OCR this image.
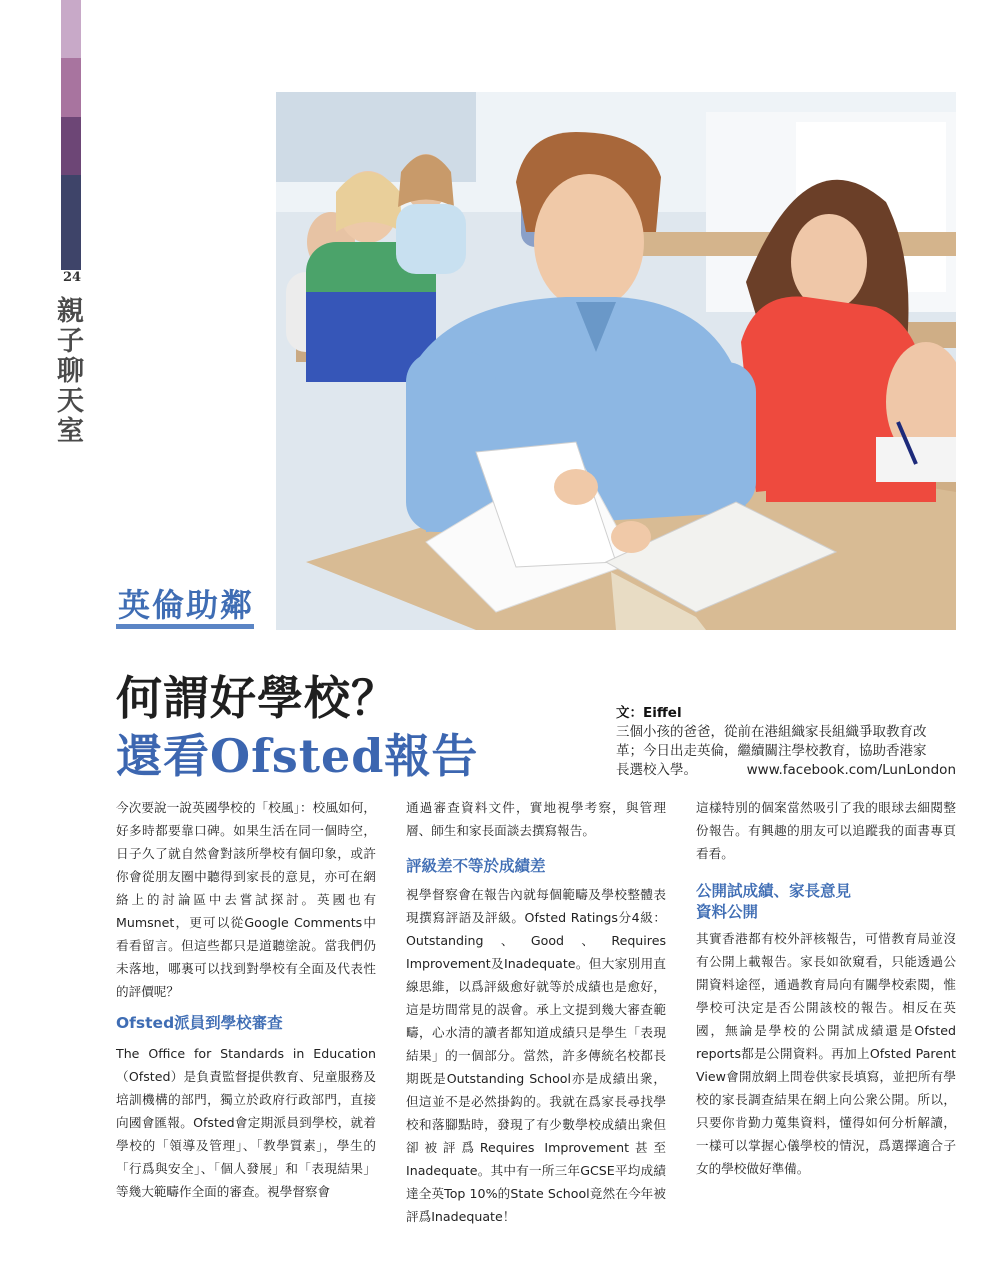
24
親子聊天室
英倫助鄰
何謂好學校？
還看Ofsted報告
文：Eiffel
三個小孩的爸爸，從前在港組織家長組織爭取教育改
革；今日出走英倫，繼續關注學校教育，協助香港家
長選校入學。	www.facebook.com/LunLondon

今次要說一說英國學校的「校風」：校風如何，好多時都要靠口碑。如果生活在同一個時空，日子久了就自然會對該所學校有個印象，或許你會從朋友圈中聽得到家長的意見，亦可在網絡上的討論區中去嘗試探討。英國也有Mumsnet，更可以從Google Comments中看看留言。但這些都只是道聽塗說。當我們仍未落地，哪裏可以找到對學校有全面及代表性的評價呢？

Ofsted派員到學校審查

The Office for Standards in Education（Ofsted）是負責監督提供教育、兒童服務及培訓機構的部門，獨立於政府行政部門，直接向國會匯報。Ofsted會定期派員到學校，就着學校的「領導及管理」、「教學質素」，學生的「行爲與安全」、「個人發展」和「表現結果」等幾大範疇作全面的審查。視學督察會

通過審查資料文件，實地視學考察，與管理層、師生和家長面談去撰寫報告。

評級差不等於成績差

視學督察會在報告內就每個範疇及學校整體表現撰寫評語及評級。Ofsted Ratings分4級：Outstanding、Good、Requires Improvement及Inadequate。但大家別用直線思維，以爲評級愈好就等於成績也是愈好，這是坊間常見的誤會。承上文提到幾大審查範疇，心水清的讀者都知道成績只是學生「表現結果」的一個部分。當然，許多傳統名校都長期既是Outstanding School亦是成績出衆，但這並不是必然掛鈎的。我就在爲家長尋找學校和落腳點時，發現了有少數學校成績出衆但卻被評爲Requires Improvement甚至Inadequate。其中有一所三年GCSE平均成績達全英Top 10%的State School竟然在今年被評爲Inadequate！

這樣特別的個案當然吸引了我的眼球去細閱整份報告。有興趣的朋友可以追蹤我的面書專頁看看。

公開試成績、家長意見
資料公開

其實香港都有校外評核報告，可惜教育局並沒有公開上載報告。家長如欲窺看，只能透過公開資料途徑，通過教育局向有關學校索閱，惟學校可決定是否公開該校的報告。相反在英國，無論是學校的公開試成績還是Ofsted reports都是公開資料。再加上Ofsted Parent View會開放網上問卷供家長填寫，並把所有學校的家長調查結果在網上向公衆公開。所以，只要你肯勤力蒐集資料，懂得如何分析解讀，一樣可以掌握心儀學校的情況，爲選擇適合子女的學校做好準備。
